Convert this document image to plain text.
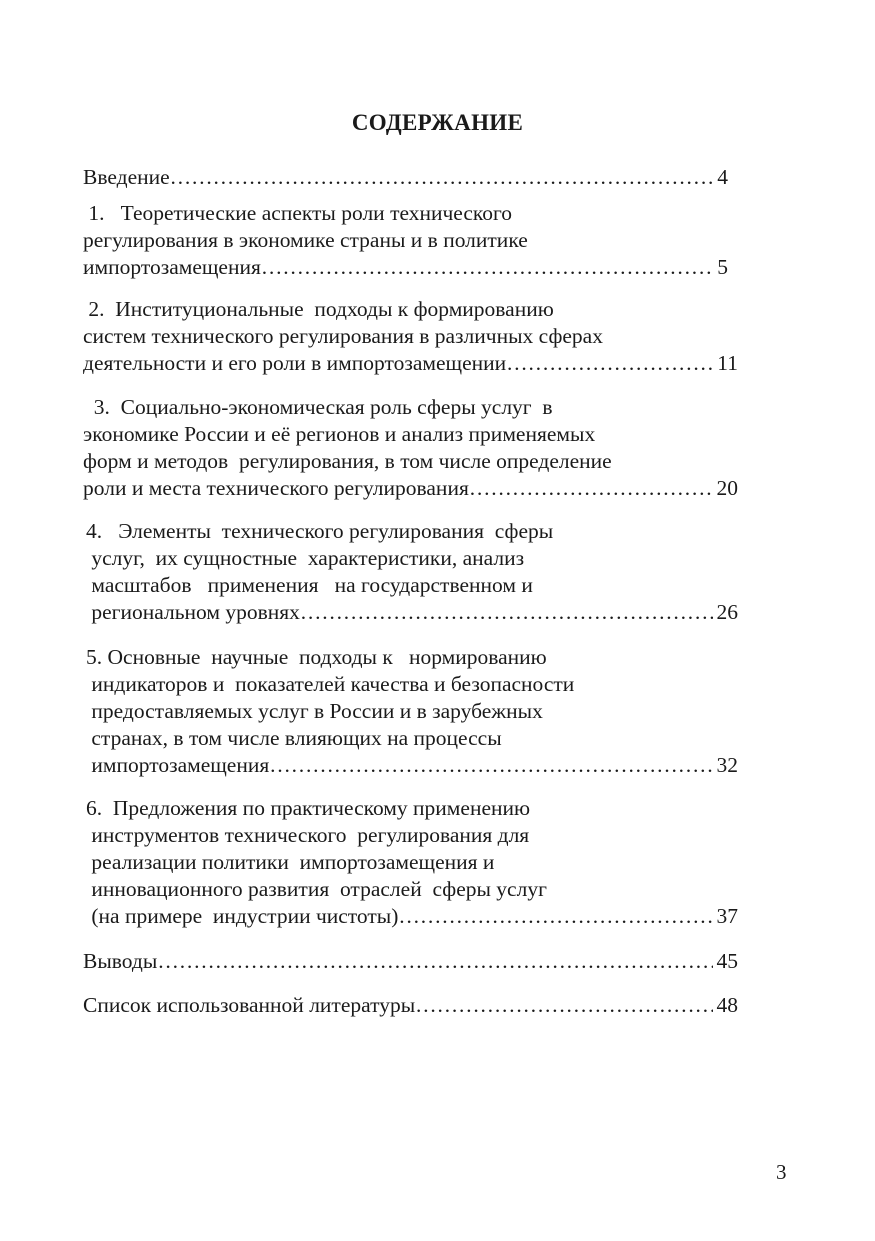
СОДЕРЖАНИЕ
Введение …………………………………………………………………………………………………………………………………………………………………………………………………………………………………………	4
1.   Теоретические аспекты роли технического
регулирования в экономике страны и в политике
импортозамещения …………………………………………………………………………………………………………………………………………………………………………………………………………………………………………	5
2.  Институциональные  подходы к формированию
систем технического регулирования в различных сферах
деятельности и его роли в импортозамещении …………………………………………………………………………………………………………………………………………………………………………………………………………………………………………	11
3.  Социально-экономическая роль сферы услуг  в
экономике России и её регионов и анализ применяемых
форм и методов  регулирования, в том числе определение
роли и места технического регулирования …………………………………………………………………………………………………………………………………………………………………………………………………………………………………………	20
4.   Элементы  технического регулирования  сферы
услуг,  их сущностные  характеристики, анализ
масштабов   применения   на государственном и
региональном уровнях …………………………………………………………………………………………………………………………………………………………………………………………………………………………………………	26
5. Основные  научные  подходы к   нормированию
индикаторов и  показателей качества и безопасности
предоставляемых услуг в России и в зарубежных
странах, в том числе влияющих на процессы
импортозамещения …………………………………………………………………………………………………………………………………………………………………………………………………………………………………………	32
6.  Предложения по практическому применению
инструментов технического  регулирования для
реализации политики  импортозамещения и
инновационного развития  отраслей  сферы услуг
(на примере  индустрии чистоты) …………………………………………………………………………………………………………………………………………………………………………………………………………………………………………	37
Выводы …………………………………………………………………………………………………………………………………………………………………………………………………………………………………………	45
Список использованной литературы …………………………………………………………………………………………………………………………………………………………………………………………………………………………………………	48
3
